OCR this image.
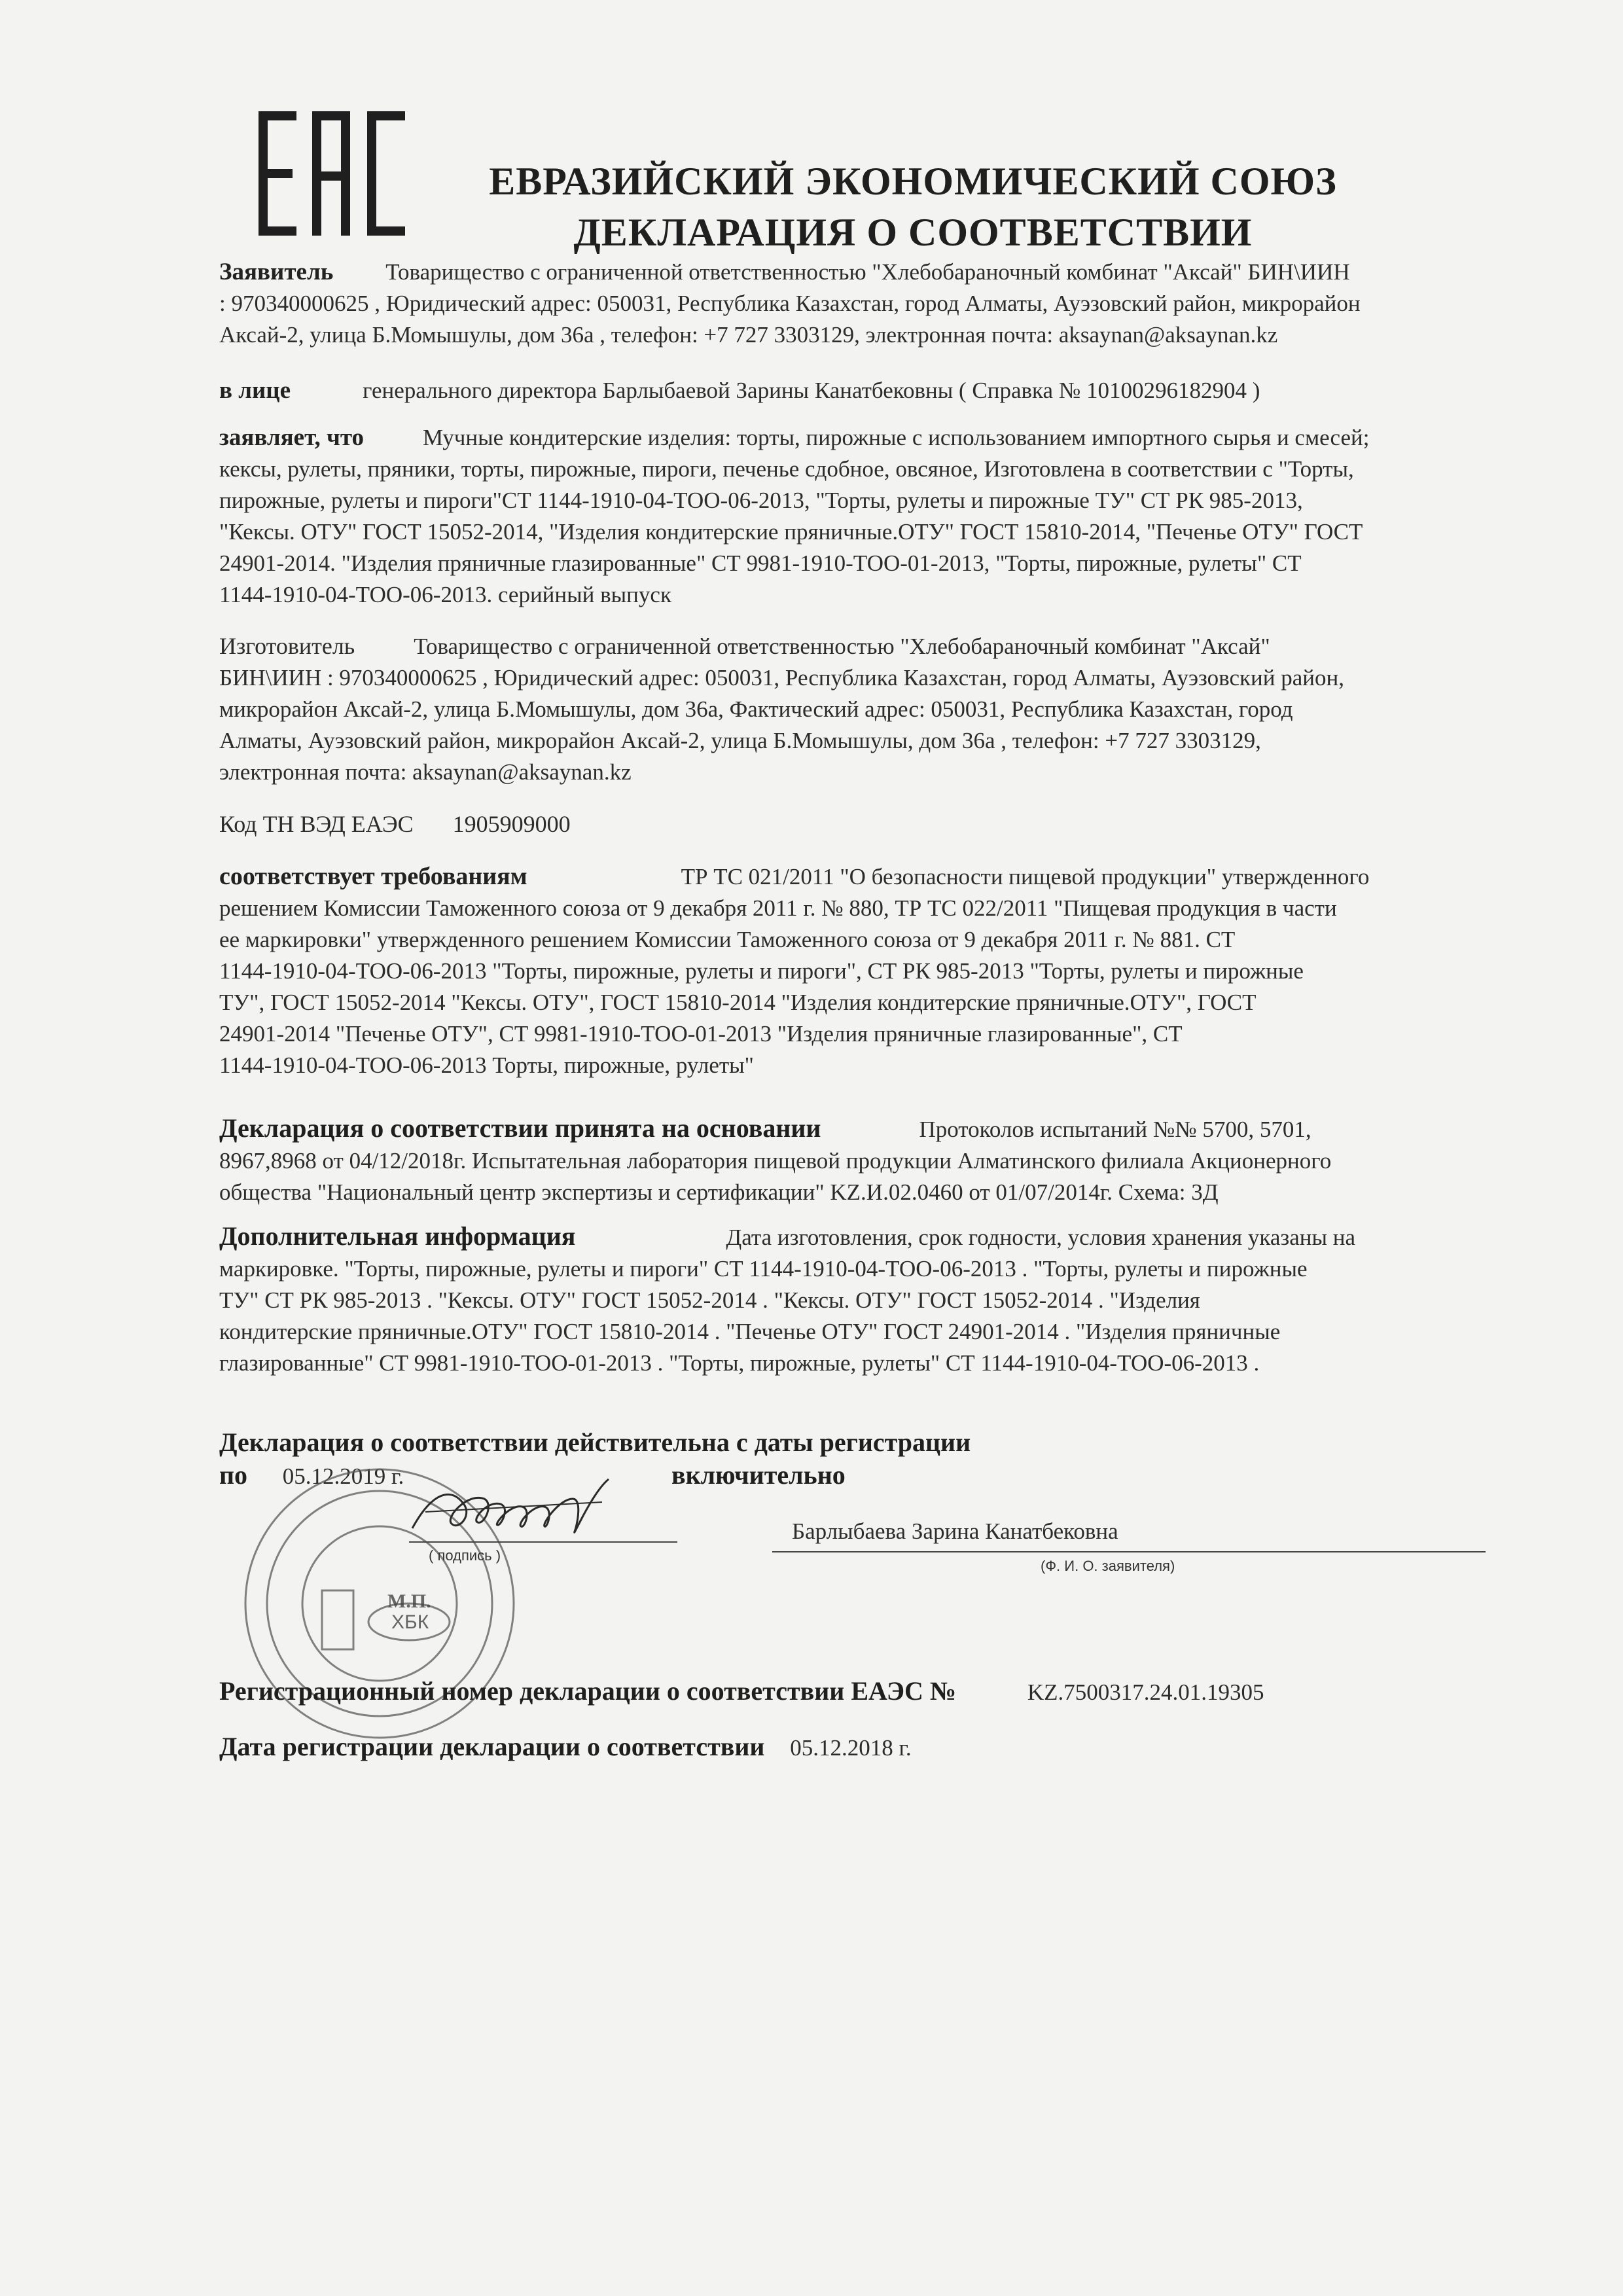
ЕВРАЗИЙСКИЙ ЭКОНОМИЧЕСКИЙ СОЮЗ
ДЕКЛАРАЦИЯ О СООТВЕТСТВИИ
Заявитель Товарищество с ограниченной ответственностью "Хлебобараночный комбинат "Аксай" БИН\ИИН
: 970340000625 , Юридический адрес: 050031, Республика Казахстан, город Алматы, Ауэзовский район, микрорайон
Аксай-2, улица Б.Момышулы, дом 36а , телефон: +7 727 3303129, электронная почта: aksaynan@aksaynan.kz
в лице	генерального директора Барлыбаевой Зарины Канатбековны ( Справка № 10100296182904 )
заявляет, что	Мучные кондитерские изделия: торты, пирожные с использованием импортного сырья и смесей;
кексы, рулеты, пряники, торты, пирожные, пироги, печенье сдобное, овсяное, Изготовлена в соответствии с "Торты,
пирожные, рулеты и пироги"СТ 1144-1910-04-ТОО-06-2013, "Торты, рулеты и пирожные ТУ" СТ РК 985-2013,
"Кексы. ОТУ" ГОСТ 15052-2014, "Изделия кондитерские пряничные.ОТУ" ГОСТ 15810-2014, "Печенье ОТУ" ГОСТ
24901-2014. "Изделия пряничные глазированные" СТ 9981-1910-ТОО-01-2013, "Торты, пирожные, рулеты" СТ
1144-1910-04-ТОО-06-2013. серийный выпуск
Изготовитель	Товарищество с ограниченной ответственностью "Хлебобараночный комбинат "Аксай"
БИН\ИИН : 970340000625 , Юридический адрес: 050031, Республика Казахстан, город Алматы, Ауэзовский район,
микрорайон Аксай-2, улица Б.Момышулы, дом 36а, Фактический адрес: 050031, Республика Казахстан, город
Алматы, Ауэзовский район, микрорайон Аксай-2, улица Б.Момышулы, дом 36а , телефон: +7 727 3303129,
электронная почта: aksaynan@aksaynan.kz
Код ТН ВЭД ЕАЭС 1905909000
соответствует требованиям	ТР ТС 021/2011 "О безопасности пищевой продукции" утвержденного
решением Комиссии Таможенного союза от 9 декабря 2011 г. № 880, ТР ТС 022/2011 "Пищевая продукция в части
ее маркировки" утвержденного решением Комиссии Таможенного союза от 9 декабря 2011 г. № 881. СТ
1144-1910-04-ТОО-06-2013 "Торты, пирожные, рулеты и пироги", СТ РК 985-2013 "Торты, рулеты и пирожные
ТУ", ГОСТ 15052-2014 "Кексы. ОТУ", ГОСТ 15810-2014 "Изделия кондитерские пряничные.ОТУ", ГОСТ
24901-2014 "Печенье ОТУ", СТ 9981-1910-ТОО-01-2013 "Изделия пряничные глазированные", СТ
1144-1910-04-ТОО-06-2013 Торты, пирожные, рулеты"
Декларация о соответствии принята на основании	Протоколов испытаний №№ 5700, 5701,
8967,8968 от 04/12/2018г. Испытательная лаборатория пищевой продукции Алматинского филиала Акционерного
общества "Национальный центр экспертизы и сертификации" KZ.И.02.0460 от 01/07/2014г. Схема: 3Д
Дополнительная информация	Дата изготовления, срок годности, условия хранения указаны на
маркировке. "Торты, пирожные, рулеты и пироги" СТ 1144-1910-04-ТОО-06-2013 . "Торты, рулеты и пирожные
ТУ" СТ РК 985-2013 . "Кексы. ОТУ" ГОСТ 15052-2014 . "Кексы. ОТУ" ГОСТ 15052-2014 . "Изделия
кондитерские пряничные.ОТУ" ГОСТ 15810-2014 . "Печенье ОТУ" ГОСТ 24901-2014 . "Изделия пряничные
глазированные" СТ 9981-1910-ТОО-01-2013 . "Торты, пирожные, рулеты" СТ 1144-1910-04-ТОО-06-2013 .
Декларация о соответствии действительна с даты регистрации
по 05.12.2019 г.	включительно
М.П.
ХБК
( подпись )
Барлыбаева Зарина Канатбековна
(Ф. И. О. заявителя)
Регистрационный номер декларации о соответствии ЕАЭС №	KZ.7500317.24.01.19305
Дата регистрации декларации о соответствии 05.12.2018 г.
